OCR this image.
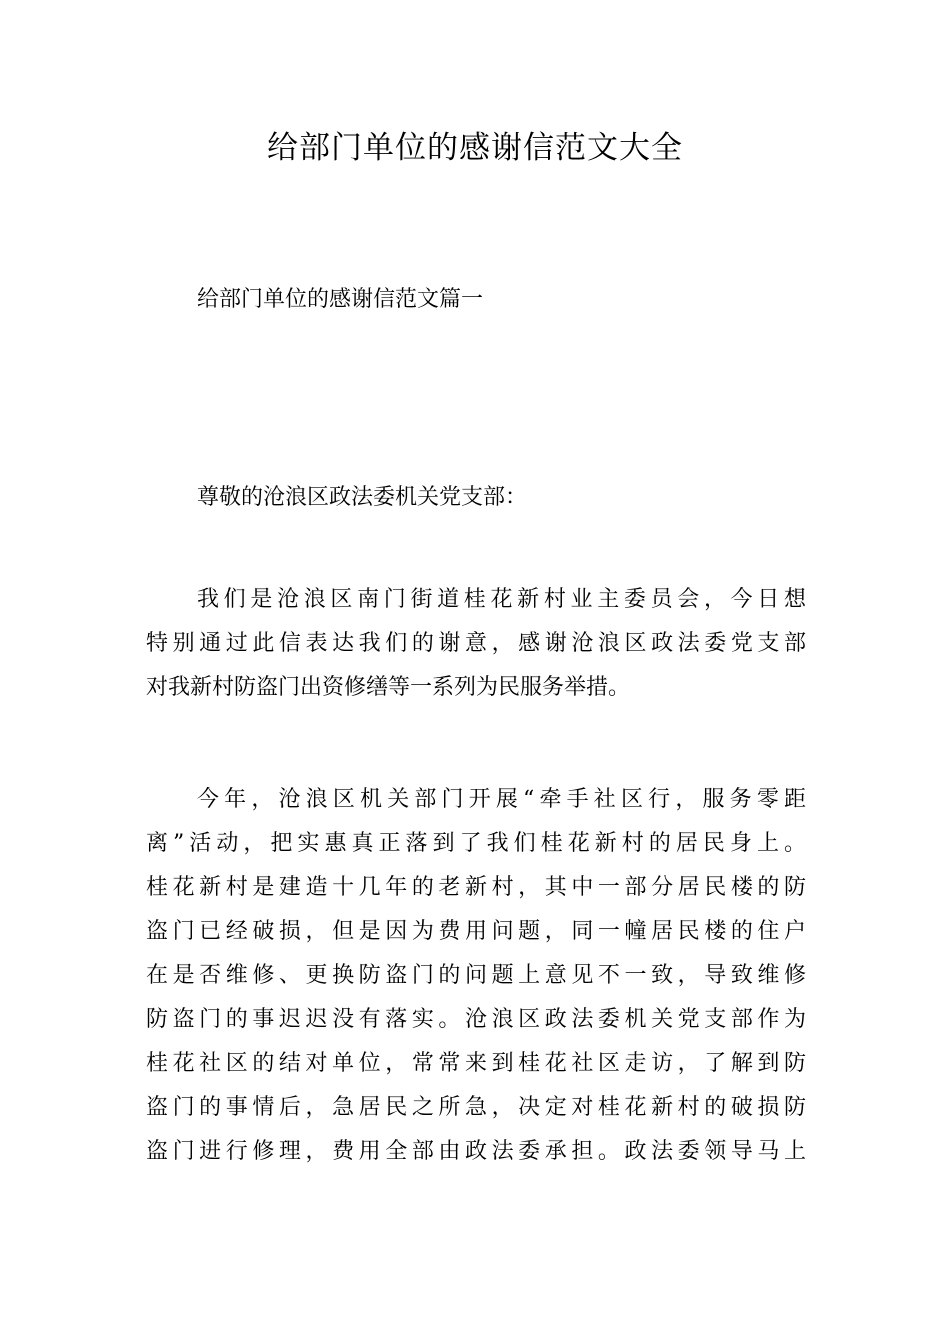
给部门单位的感谢信范文大全

给部门单位的感谢信范文篇一

尊敬的沧浪区政法委机关党支部：

我们是沧浪区南门街道桂花新村业主委员会，今日想
特别通过此信表达我们的谢意，感谢沧浪区政法委党支部
对我新村防盗门出资修缮等一系列为民服务举措。
今年，沧浪区机关部门开展“牵手社区行，服务零距
离”活动，把实惠真正落到了我们桂花新村的居民身上。
桂花新村是建造十几年的老新村，其中一部分居民楼的防
盗门已经破损，但是因为费用问题，同一幢居民楼的住户
在是否维修、更换防盗门的问题上意见不一致，导致维修
防盗门的事迟迟没有落实。沧浪区政法委机关党支部作为
桂花社区的结对单位，常常来到桂花社区走访，了解到防
盗门的事情后，急居民之所急，决定对桂花新村的破损防
盗门进行修理，费用全部由政法委承担。政法委领导马上
